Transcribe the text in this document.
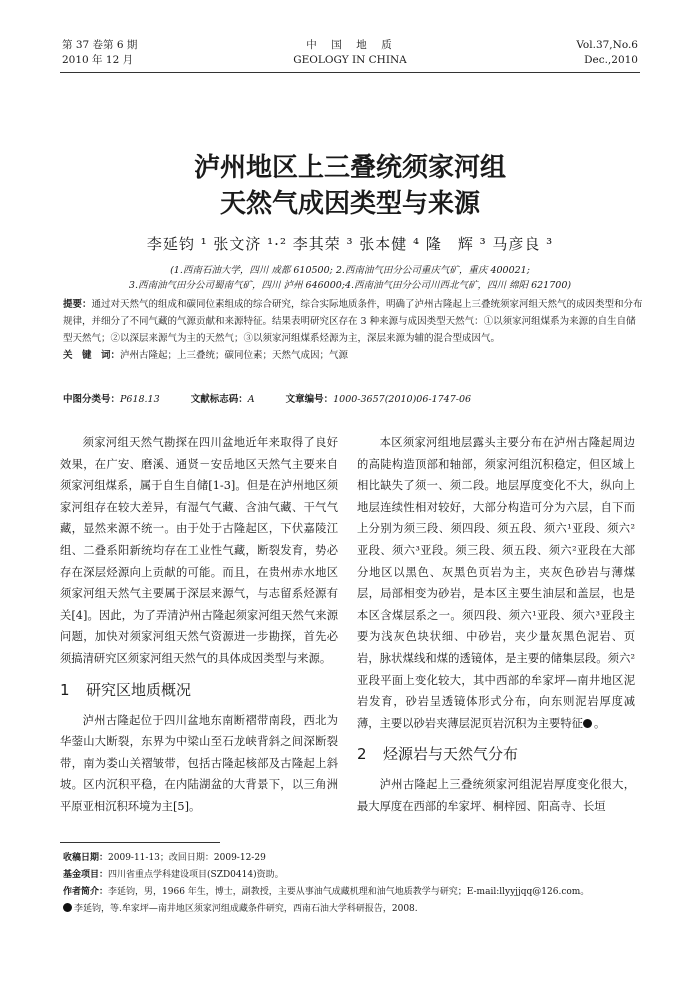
第 37 卷第 6 期
2010 年 12 月
中　国　地　质
GEOLOGY IN CHINA
Vol.37,No.6
Dec.,2010
泸州地区上三叠统须家河组
天然气成因类型与来源
李延钧 ¹ 张文济 ¹·² 李其荣 ³ 张本健 ⁴ 隆　辉 ³ 马彦良 ³
(1.西南石油大学，四川 成都 610500; 2.西南油气田分公司重庆气矿，重庆 400021;
3.西南油气田分公司蜀南气矿，四川 泸州 646000;4.西南油气田分公司川西北气矿，四川 绵阳 621700)
提要：通过对天然气的组成和碳同位素组成的综合研究，综合实际地质条件，明确了泸州古隆起上三叠统须家河组天然气的成因类型和分布规律，并细分了不同气藏的气源贡献和来源特征。结果表明研究区存在 3 种来源与成因类型天然气：①以须家河组煤系为来源的自生自储型天然气；②以深层来源气为主的天然气；③以须家河组煤系烃源为主，深层来源为辅的混合型成因气。
关　键　词：泸州古隆起；上三叠统；碳同位素；天然气成因；气源
中图分类号：P618.13	文献标志码：A	文章编号：1000-3657(2010)06-1747-06

须家河组天然气勘探在四川盆地近年来取得了良好效果，在广安、磨溪、通贤－安岳地区天然气主要来自须家河组煤系，属于自生自储[1-3]。但是在泸州地区须家河组存在较大差异，有湿气气藏、含油气藏、干气气藏，显然来源不统一。由于处于古隆起区，下伏嘉陵江组、二叠系阳新统均存在工业性气藏，断裂发育，势必存在深层烃源向上贡献的可能。而且，在贵州赤水地区须家河组天然气主要属于深层来源气，与志留系烃源有关[4]。因此，为了弄清泸州古隆起须家河组天然气来源问题，加快对须家河组天然气资源进一步勘探，首先必须搞清研究区须家河组天然气的具体成因类型与来源。

1 研究区地质概况

泸州古隆起位于四川盆地东南断褶带南段，西北为华蓥山大断裂，东界为中梁山至石龙峡背斜之间深断裂带，南为娄山关褶皱带，包括古隆起核部及古隆起上斜坡。区内沉积平稳，在内陆湖盆的大背景下，以三角洲平原亚相沉积环境为主[5]。

本区须家河组地层露头主要分布在泸州古隆起周边的高陡构造顶部和轴部，须家河组沉积稳定，但区域上相比缺失了须一、须二段。地层厚度变化不大，纵向上地层连续性相对较好，大部分构造可分为六层，自下而上分别为须三段、须四段、须五段、须六¹亚段、须六²亚段、须六³亚段。须三段、须五段、须六²亚段在大部分地区以黑色、灰黑色页岩为主，夹灰色砂岩与薄煤层，局部相变为砂岩，是本区主要生油层和盖层，也是本区含煤层系之一。须四段、须六¹亚段、须六³亚段主要为浅灰色块状细、中砂岩，夹少量灰黑色泥岩、页岩，脉状煤线和煤的透镜体，是主要的储集层段。须六²亚段平面上变化较大，其中西部的牟家坪—南井地区泥岩发育，砂岩呈透镜体形式分布，向东则泥岩厚度减薄，主要以砂岩夹薄层泥页岩沉积为主要特征 。

2 烃源岩与天然气分布

泸州古隆起上三叠统须家河组泥岩厚度变化很大，最大厚度在西部的牟家坪、桐梓园、阳高寺、长垣

收稿日期：2009-11-13；改回日期：2009-12-29
基金项目：四川省重点学科建设项目(SZD0414)资助。
作者简介：李延钧，男，1966 年生，博士，副教授，主要从事油气成藏机理和油气地质教学与研究；E-mail:llyyjjqq@126.com。
李延钧，等.牟家坪—南井地区须家河组成藏条件研究，西南石油大学科研报告，2008.
